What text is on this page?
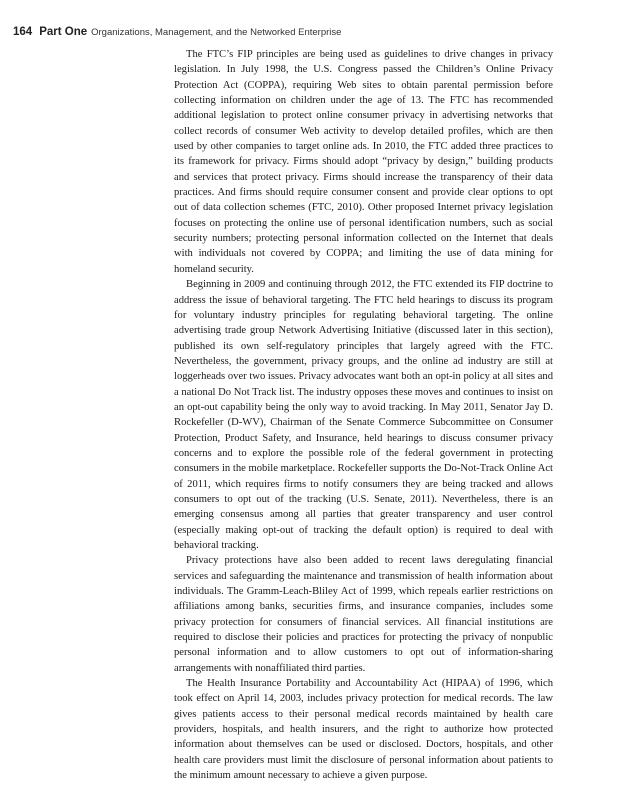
164 Part One Organizations, Management, and the Networked Enterprise

The FTC’s FIP principles are being used as guidelines to drive changes in privacy legislation. In July 1998, the U.S. Congress passed the Children’s Online Privacy Protection Act (COPPA), requiring Web sites to obtain parental permission before collecting information on children under the age of 13. The FTC has recommended additional legislation to protect online consumer privacy in advertising networks that collect records of consumer Web activity to develop detailed profiles, which are then used by other companies to target online ads. In 2010, the FTC added three practices to its framework for privacy. Firms should adopt “privacy by design,” building products and services that protect privacy. Firms should increase the transparency of their data practices. And firms should require consumer consent and provide clear options to opt out of data collection schemes (FTC, 2010). Other proposed Internet privacy legislation focuses on protecting the online use of personal identification numbers, such as social security numbers; protecting personal information collected on the Internet that deals with individuals not covered by COPPA; and limiting the use of data mining for homeland security.

Beginning in 2009 and continuing through 2012, the FTC extended its FIP doctrine to address the issue of behavioral targeting. The FTC held hearings to discuss its program for voluntary industry principles for regulating behavioral targeting. The online advertising trade group Network Advertising Initiative (discussed later in this section), published its own self-regulatory principles that largely agreed with the FTC. Nevertheless, the government, privacy groups, and the online ad industry are still at loggerheads over two issues. Privacy advocates want both an opt-in policy at all sites and a national Do Not Track list. The industry opposes these moves and continues to insist on an opt-out capability being the only way to avoid tracking. In May 2011, Senator Jay D. Rockefeller (D-WV), Chairman of the Senate Commerce Subcommittee on Consumer Protection, Product Safety, and Insurance, held hearings to discuss consumer privacy concerns and to explore the possible role of the federal government in protecting consumers in the mobile marketplace. Rockefeller supports the Do-Not-Track Online Act of 2011, which requires firms to notify consumers they are being tracked and allows consumers to opt out of the tracking (U.S. Senate, 2011). Nevertheless, there is an emerging consensus among all parties that greater transparency and user control (especially making opt-out of tracking the default option) is required to deal with behavioral tracking.

Privacy protections have also been added to recent laws deregulating financial services and safeguarding the maintenance and transmission of health information about individuals. The Gramm-Leach-Bliley Act of 1999, which repeals earlier restrictions on affiliations among banks, securities firms, and insurance companies, includes some privacy protection for consumers of financial services. All financial institutions are required to disclose their policies and practices for protecting the privacy of nonpublic personal information and to allow customers to opt out of information-sharing arrangements with nonaffiliated third parties.

The Health Insurance Portability and Accountability Act (HIPAA) of 1996, which took effect on April 14, 2003, includes privacy protection for medical records. The law gives patients access to their personal medical records maintained by health care providers, hospitals, and health insurers, and the right to authorize how protected information about themselves can be used or disclosed. Doctors, hospitals, and other health care providers must limit the disclosure of personal information about patients to the minimum amount necessary to achieve a given purpose.
